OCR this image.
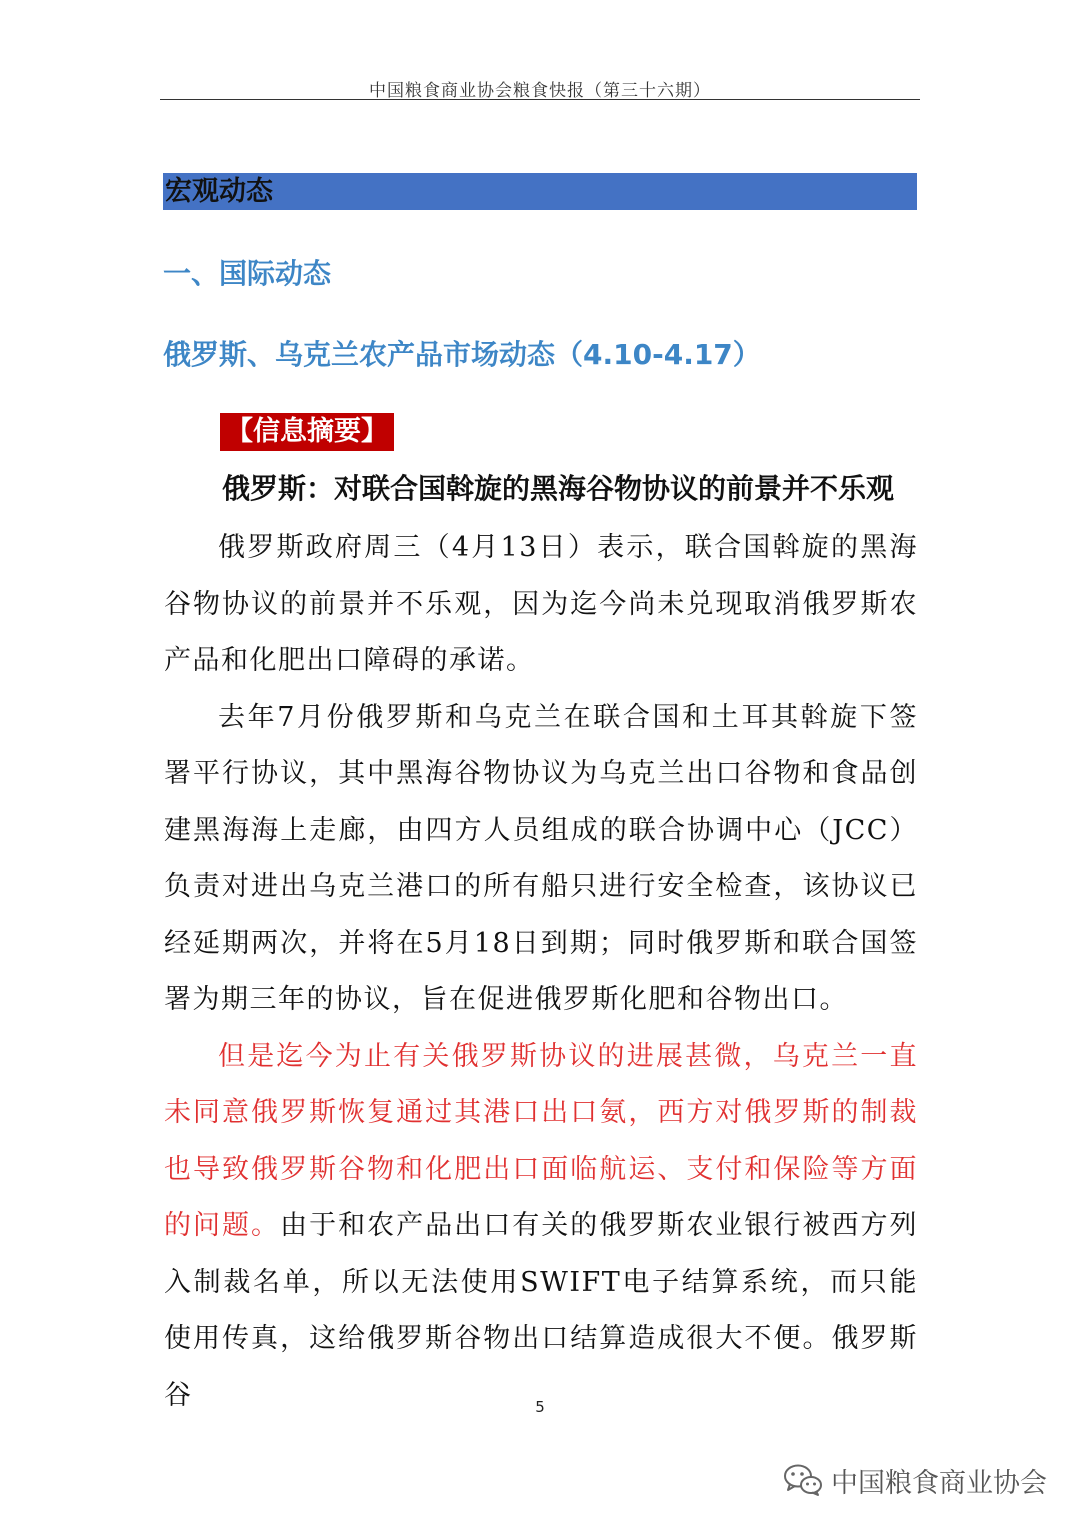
中国粮食商业协会粮食快报（第三十六期）
宏观动态
一、国际动态
俄罗斯、乌克兰农产品市场动态（4.10-4.17）
【信息摘要】
俄罗斯：对联合国斡旋的黑海谷物协议的前景并不乐观

俄罗斯政府周三（4月13日）表示，联合国斡旋的黑海谷物协议的前景并不乐观，因为迄今尚未兑现取消俄罗斯农产品和化肥出口障碍的承诺。

去年7月份俄罗斯和乌克兰在联合国和土耳其斡旋下签署平行协议，其中黑海谷物协议为乌克兰出口谷物和食品创建黑海海上走廊，由四方人员组成的联合协调中心（JCC）负责对进出乌克兰港口的所有船只进行安全检查，该协议已经延期两次，并将在5月18日到期；同时俄罗斯和联合国签署为期三年的协议，旨在促进俄罗斯化肥和谷物出口。

但是迄今为止有关俄罗斯协议的进展甚微，乌克兰一直未同意俄罗斯恢复通过其港口出口氨，西方对俄罗斯的制裁也导致俄罗斯谷物和化肥出口面临航运、支付和保险等方面的问题。由于和农产品出口有关的俄罗斯农业银行被西方列入制裁名单，所以无法使用SWIFT电子结算系统，而只能使用传真，这给俄罗斯谷物出口结算造成很大不便。俄罗斯谷	5
中国粮食商业协会
